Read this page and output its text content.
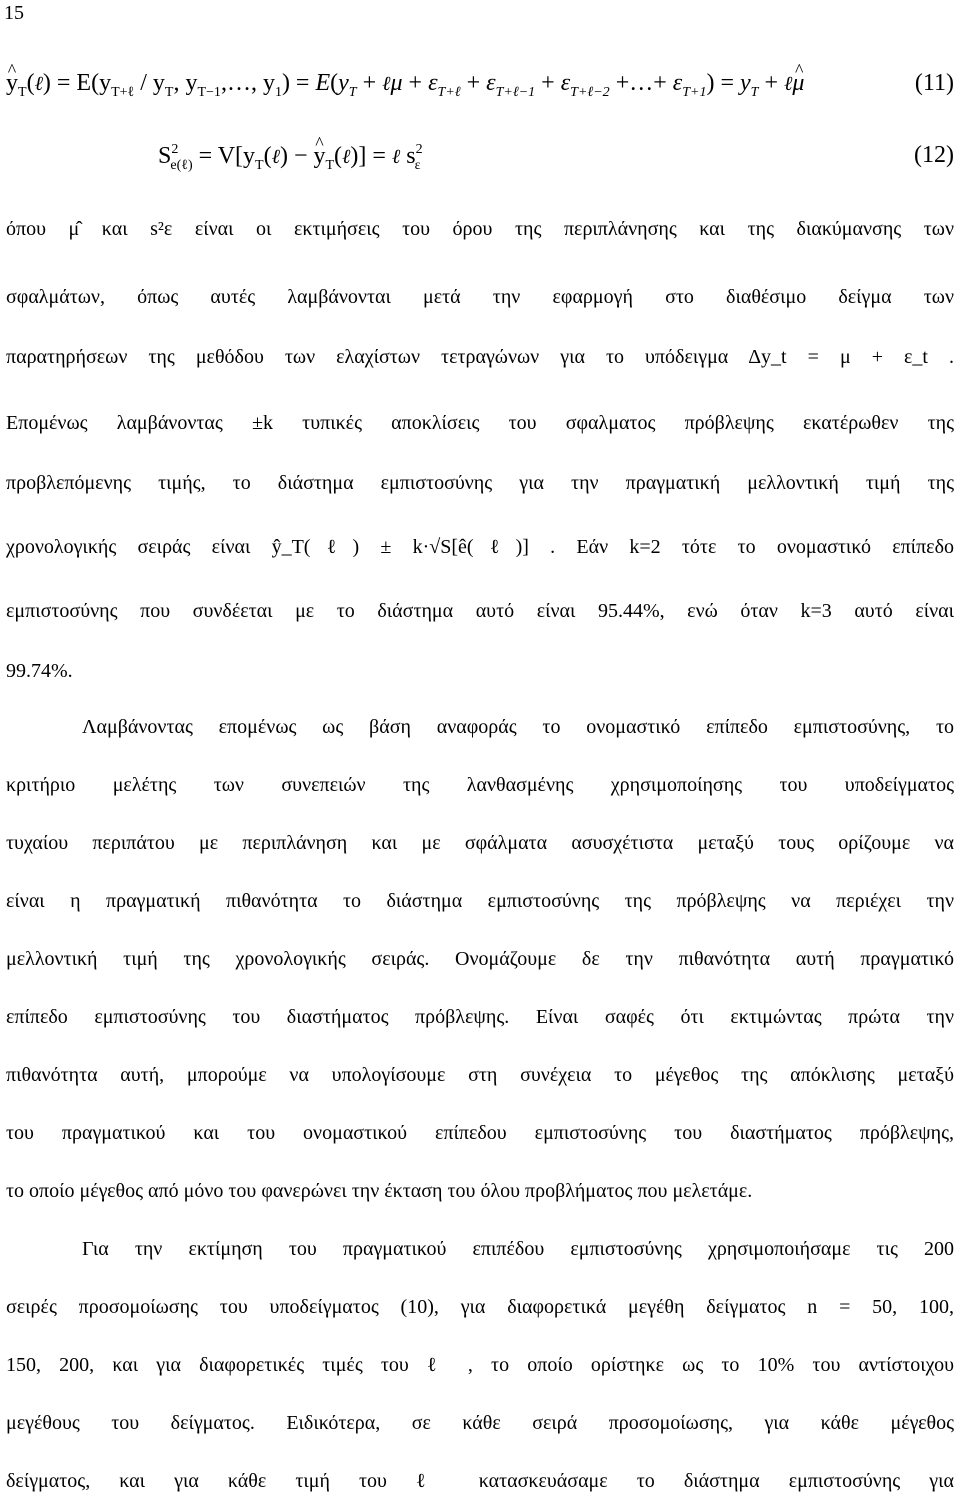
15
^ $y_T(\ell) = E(y_{T+\ell} / y_T$, $y_{T-1},\dots$, $y_1) = E(y_T$ + ℓμ + $\varepsilon_{T+\ell} + \varepsilon_{T+\ell-1} + \varepsilon_{T+\ell-2}$ +…+ $\varepsilon_{T+1}) = y_T$ + ℓ^ μ	(11)
$S^2_{e(\ell)}$ = $V[y_T(\ell)$ − ^ $y_T(\ell)$] = ℓ $s^2_\varepsilon$	(12)
όπου μ̂ και s²ε είναι οι εκτιμήσεις του όρου της περιπλάνησης και της διακύμανσης των
σφαλμάτων, όπως αυτές λαμβάνονται μετά την εφαρμογή στο διαθέσιμο δείγμα των
παρατηρήσεων της μεθόδου των ελαχίστων τετραγώνων για το υπόδειγμα Δy_t = μ + ε_t .
Επομένως λαμβάνοντας ±k τυπικές αποκλίσεις του σφαλματος πρόβλεψης εκατέρωθεν της
προβλεπόμενης τιμής, το διάστημα εμπιστοσύνης για την πραγματική μελλοντική τιμή της
χρονολογικής σειράς είναι ŷ_T(ℓ) ± k·√S[ê(ℓ)] . Εάν k=2 τότε το ονομαστικό επίπεδο
εμπιστοσύνης που συνδέεται με το διάστημα αυτό είναι 95.44%, ενώ όταν k=3 αυτό είναι
99.74%.
Λαμβάνοντας επομένως ως βάση αναφοράς το ονομαστικό επίπεδο εμπιστοσύνης, το
κριτήριο μελέτης των συνεπειών της λανθασμένης χρησιμοποίησης του υποδείγματος
τυχαίου περιπάτου με περιπλάνηση και με σφάλματα ασυσχέτιστα μεταξύ τους ορίζουμε να
είναι η πραγματική πιθανότητα το διάστημα εμπιστοσύνης της πρόβλεψης να περιέχει την
μελλοντική τιμή της χρονολογικής σειράς. Ονομάζουμε δε την πιθανότητα αυτή πραγματικό
επίπεδο εμπιστοσύνης του διαστήματος πρόβλεψης. Είναι σαφές ότι εκτιμώντας πρώτα την
πιθανότητα αυτή, μπορούμε να υπολογίσουμε στη συνέχεια το μέγεθος της απόκλισης μεταξύ
του πραγματικού και του ονομαστικού επίπεδου εμπιστοσύνης του διαστήματος πρόβλεψης,
το οποίο μέγεθος από μόνο του φανερώνει την έκταση του όλου προβλήματος που μελετάμε.
Για την εκτίμηση του πραγματικού επιπέδου εμπιστοσύνης χρησιμοποιήσαμε τις 200
σειρές προσομοίωσης του υποδείγματος (10), για διαφορετικά μεγέθη δείγματος n = 50, 100,
150, 200, και για διαφορετικές τιμές του ℓ , το οποίο ορίστηκε ως το 10% του αντίστοιχου
μεγέθους του δείγματος. Ειδικότερα, σε κάθε σειρά προσομοίωσης, για κάθε μέγεθος
δείγματος, και για κάθε τιμή του ℓ κατασκευάσαμε το διάστημα εμπιστοσύνης για
